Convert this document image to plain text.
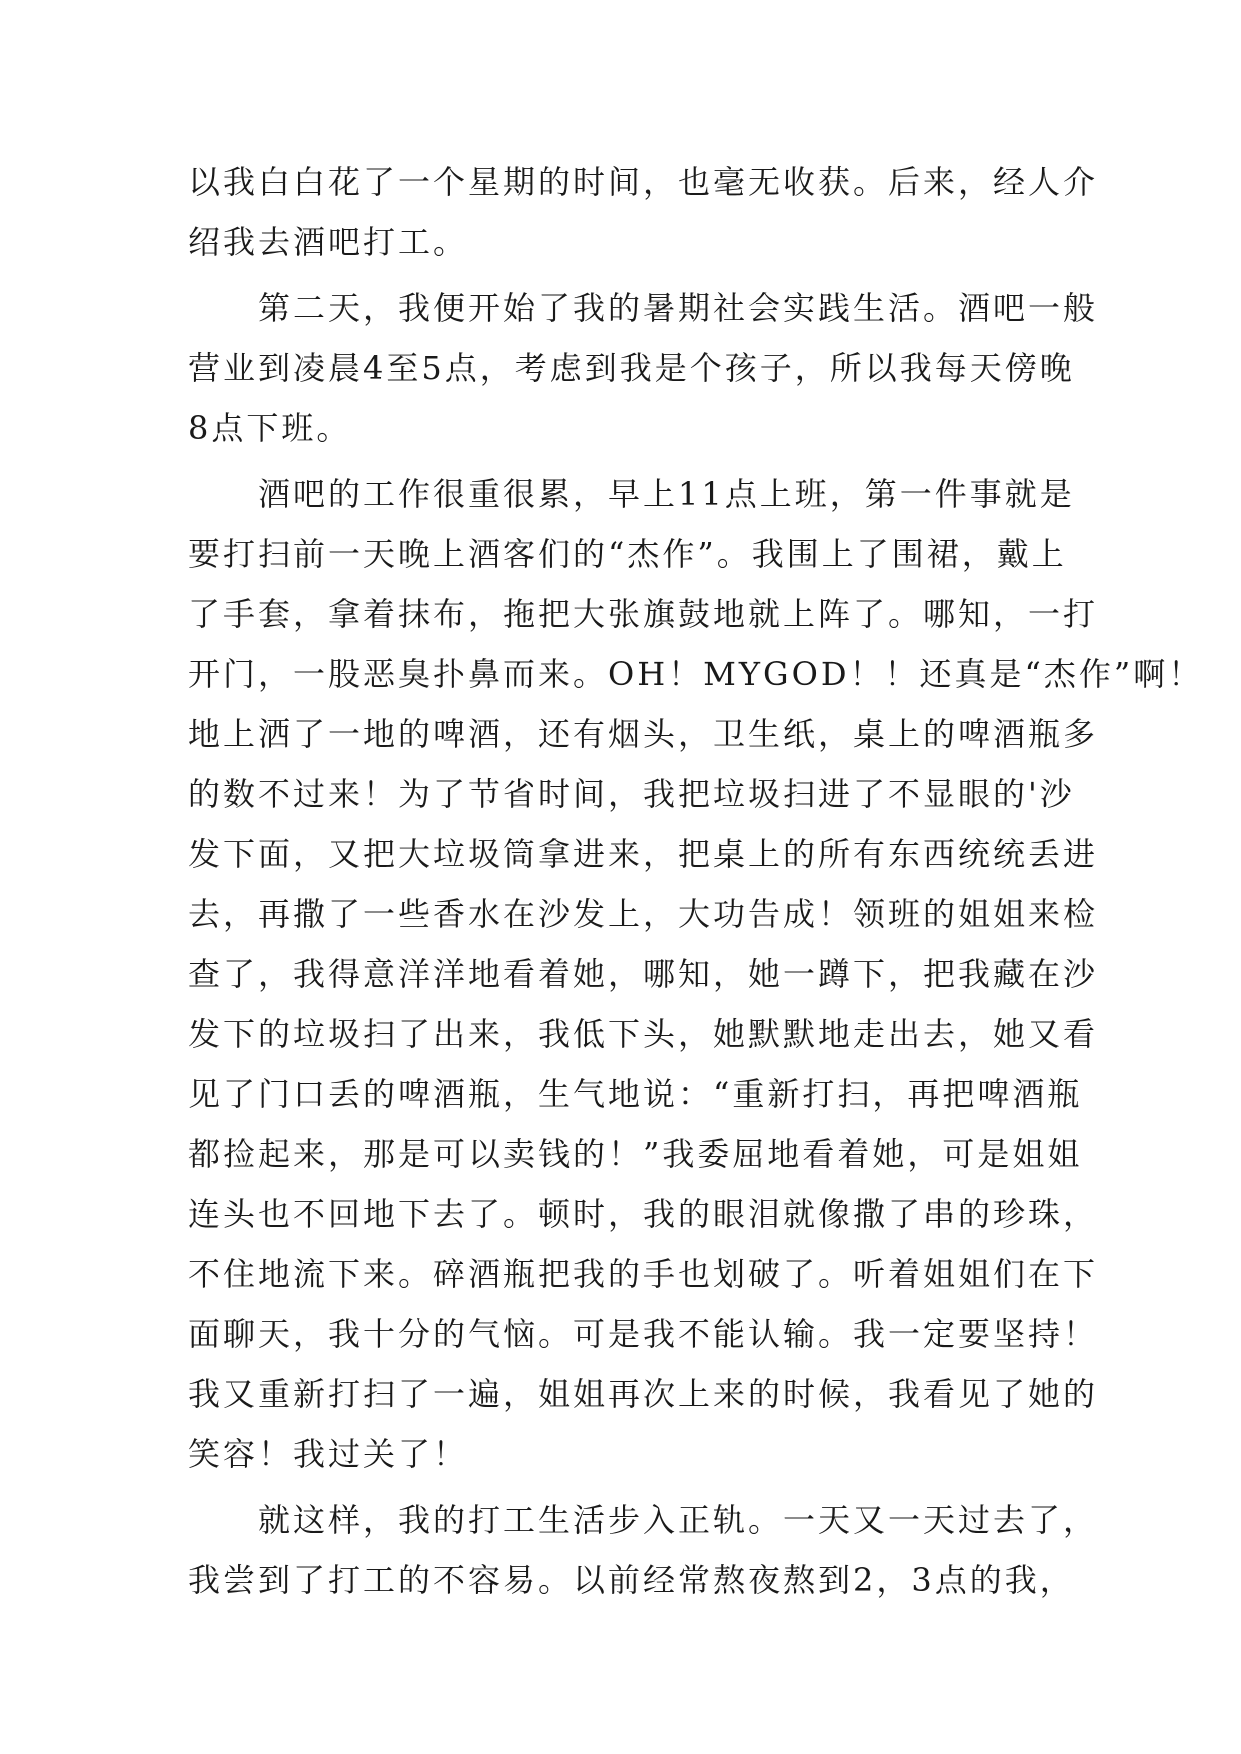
以我白白花了一个星期的时间，也毫无收获。后来，经人介
绍我去酒吧打工。
第二天，我便开始了我的暑期社会实践生活。酒吧一般
营业到凌晨4至5点，考虑到我是个孩子，所以我每天傍晚
8点下班。
酒吧的工作很重很累，早上11点上班，第一件事就是
要打扫前一天晚上酒客们的“杰作”。我围上了围裙，戴上
了手套，拿着抹布，拖把大张旗鼓地就上阵了。哪知，一打
开门，一股恶臭扑鼻而来。OH！MYGOD！！还真是“杰作”啊！
地上洒了一地的啤酒，还有烟头，卫生纸，桌上的啤酒瓶多
的数不过来！为了节省时间，我把垃圾扫进了不显眼的'沙
发下面，又把大垃圾筒拿进来，把桌上的所有东西统统丢进
去，再撒了一些香水在沙发上，大功告成！领班的姐姐来检
查了，我得意洋洋地看着她，哪知，她一蹲下，把我藏在沙
发下的垃圾扫了出来，我低下头，她默默地走出去，她又看
见了门口丢的啤酒瓶，生气地说：“重新打扫，再把啤酒瓶
都捡起来，那是可以卖钱的！”我委屈地看着她，可是姐姐
连头也不回地下去了。顿时，我的眼泪就像撒了串的珍珠，
不住地流下来。碎酒瓶把我的手也划破了。听着姐姐们在下
面聊天，我十分的气恼。可是我不能认输。我一定要坚持！
我又重新打扫了一遍，姐姐再次上来的时候，我看见了她的
笑容！我过关了！
就这样，我的打工生活步入正轨。一天又一天过去了，
我尝到了打工的不容易。以前经常熬夜熬到2，3点的我，
